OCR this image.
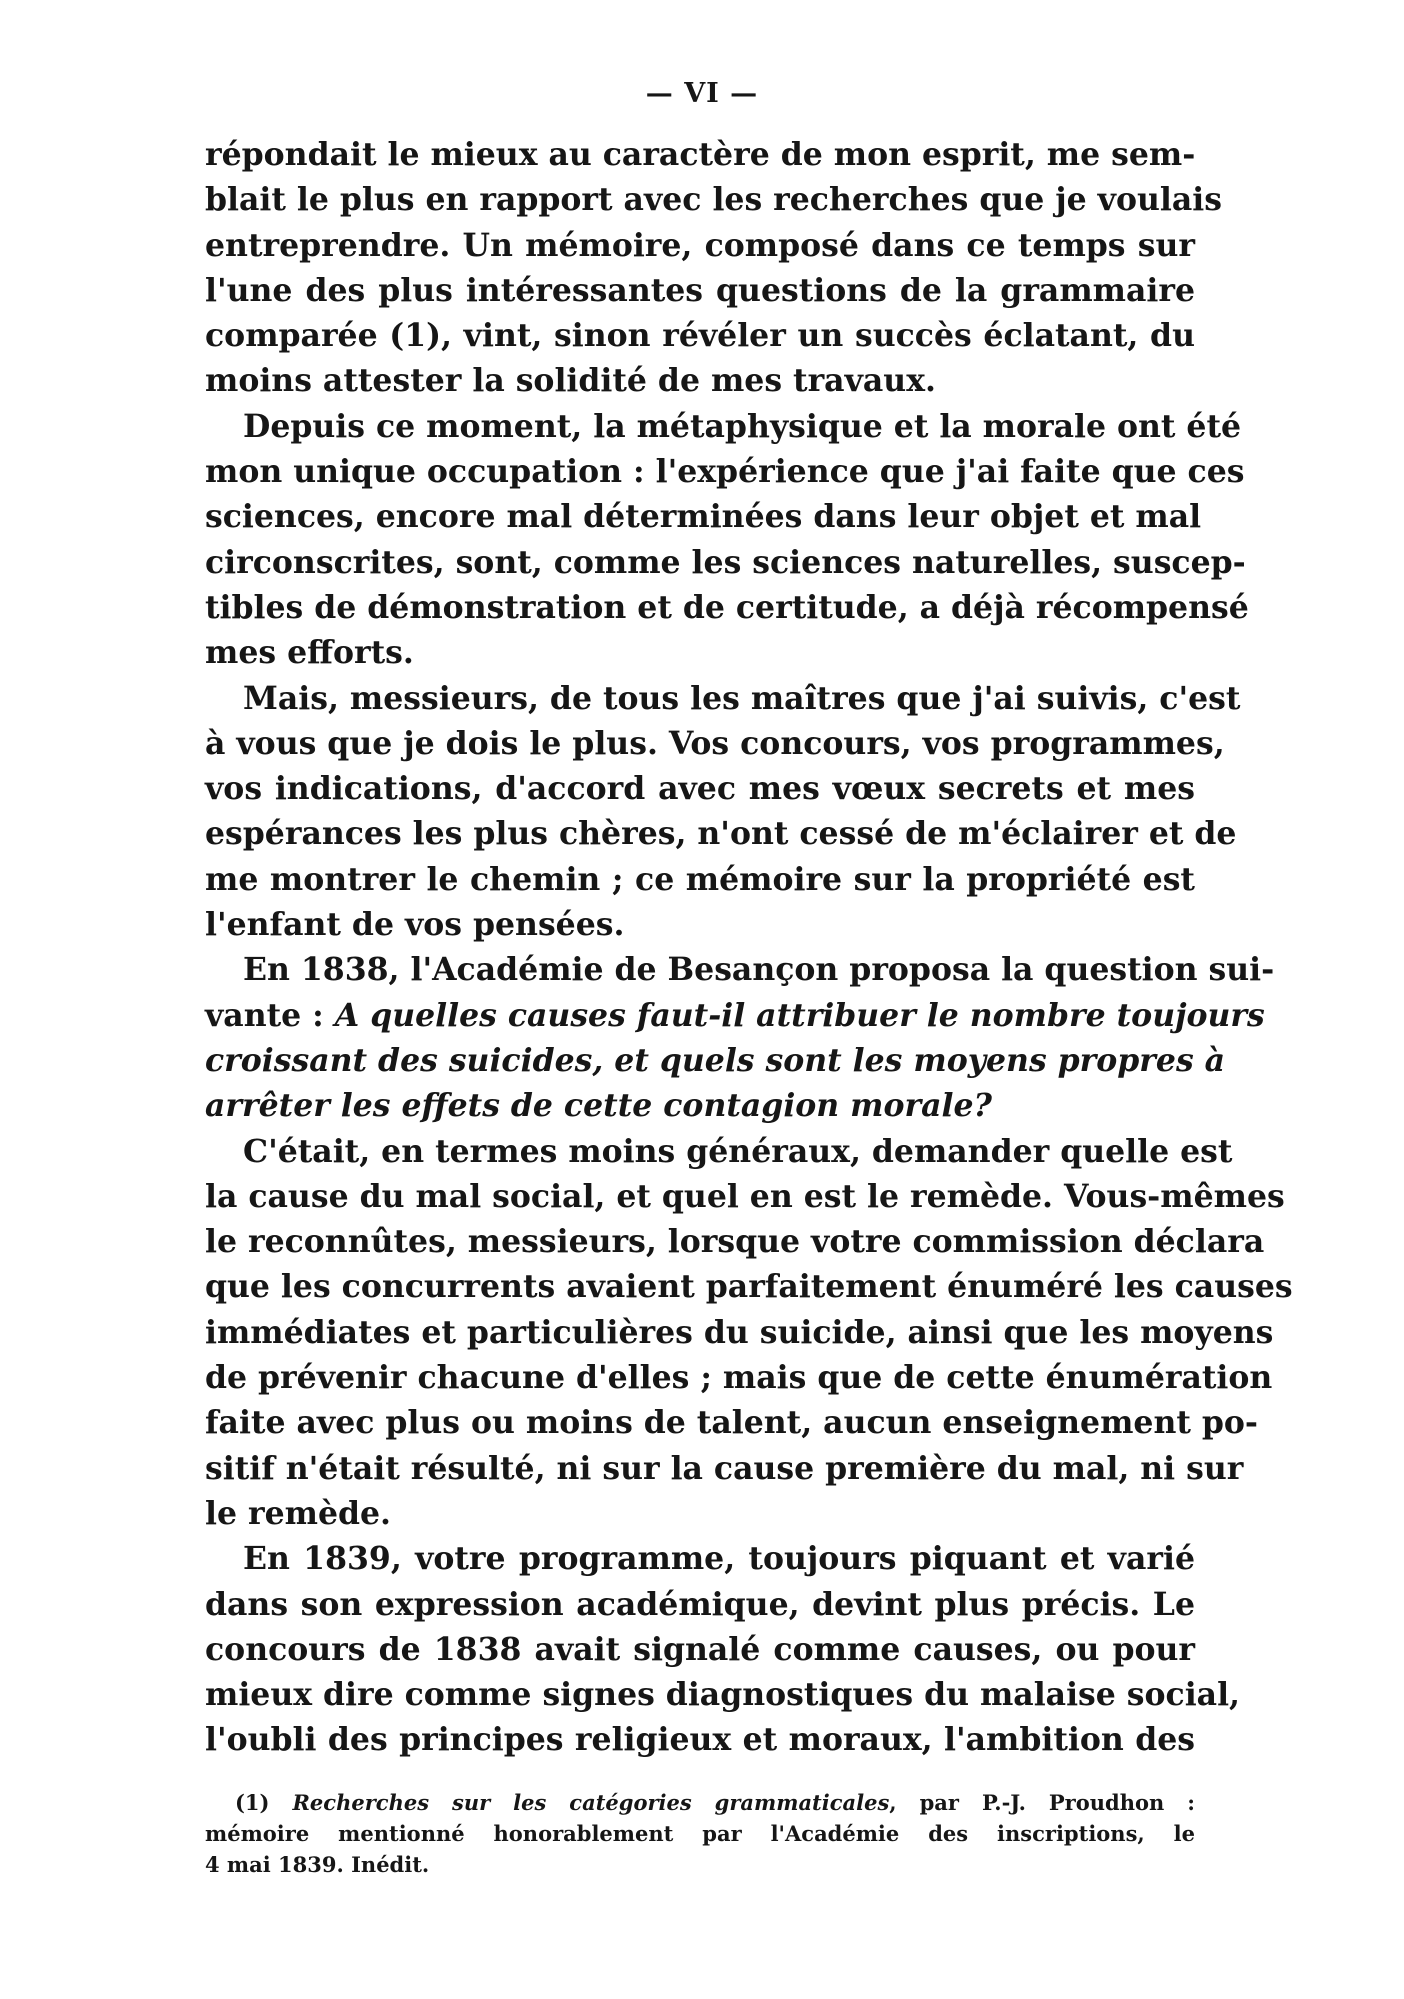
— VI —
répondait le mieux au caractère de mon esprit, me sem-
blait le plus en rapport avec les recherches que je voulais
entreprendre. Un mémoire, composé dans ce temps sur
l'une des plus intéressantes questions de la grammaire
comparée (1), vint, sinon révéler un succès éclatant, du
moins attester la solidité de mes travaux.
Depuis ce moment, la métaphysique et la morale ont été
mon unique occupation : l'expérience que j'ai faite que ces
sciences, encore mal déterminées dans leur objet et mal
circonscrites, sont, comme les sciences naturelles, suscep-
tibles de démonstration et de certitude, a déjà récompensé
mes efforts.
Mais, messieurs, de tous les maîtres que j'ai suivis, c'est
à vous que je dois le plus. Vos concours, vos programmes,
vos indications, d'accord avec mes vœux secrets et mes
espérances les plus chères, n'ont cessé de m'éclairer et de
me montrer le chemin ; ce mémoire sur la propriété est
l'enfant de vos pensées.
En 1838, l'Académie de Besançon proposa la question sui-
vante : A quelles causes faut-il attribuer le nombre toujours
croissant des suicides, et quels sont les moyens propres à
arrêter les effets de cette contagion morale?
C'était, en termes moins généraux, demander quelle est
la cause du mal social, et quel en est le remède. Vous-mêmes
le reconnûtes, messieurs, lorsque votre commission déclara
que les concurrents avaient parfaitement énuméré les causes
immédiates et particulières du suicide, ainsi que les moyens
de prévenir chacune d'elles ; mais que de cette énumération
faite avec plus ou moins de talent, aucun enseignement po-
sitif n'était résulté, ni sur la cause première du mal, ni sur
le remède.
En 1839, votre programme, toujours piquant et varié
dans son expression académique, devint plus précis. Le
concours de 1838 avait signalé comme causes, ou pour
mieux dire comme signes diagnostiques du malaise social,
l'oubli des principes religieux et moraux, l'ambition des
(1) Recherches sur les catégories grammaticales, par P.-J. Proudhon :
mémoire mentionné honorablement par l'Académie des inscriptions, le
4 mai 1839. Inédit.
